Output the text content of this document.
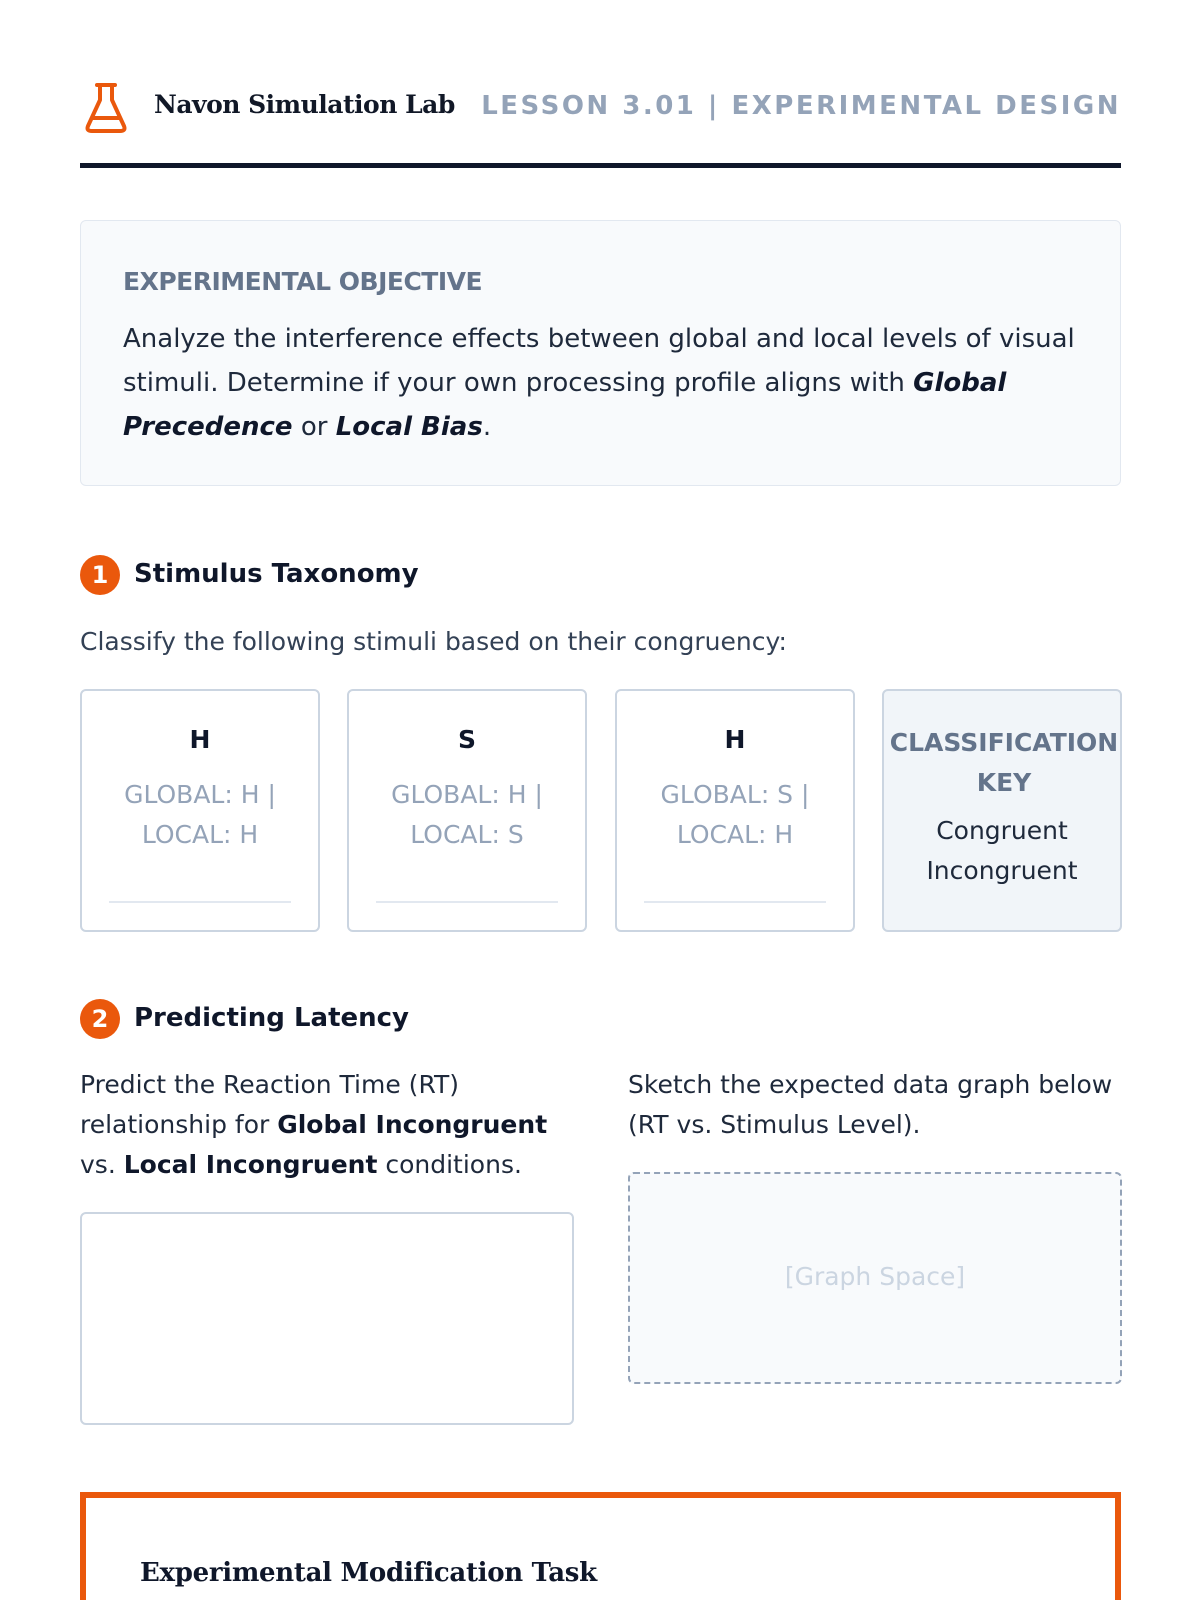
Navon Simulation Lab LESSON 3.01 | EXPERIMENTAL DESIGN
EXPERIMENTAL OBJECTIVE

Analyze the interference effects between global and local levels of visual stimuli. Determine if your own processing profile aligns with Global Precedence or Local Bias.

1 Stimulus Taxonomy
Classify the following stimuli based on their congruency:
H
GLOBAL: H |
LOCAL: H
S
GLOBAL: H |
LOCAL: S
H
GLOBAL: S |
LOCAL: H
CLASSIFICATION KEY
Congruent
Incongruent
2 Predicting Latency

Predict the Reaction Time (RT) relationship for Global Incongruent vs. Local Incongruent conditions.

Sketch the expected data graph below (RT vs. Stimulus Level).

[Graph Space]
Experimental Modification Task
